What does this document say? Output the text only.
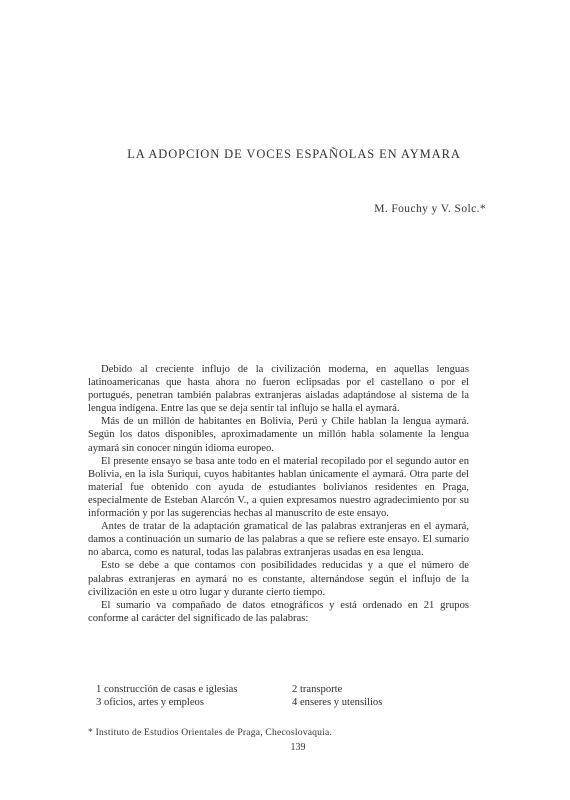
LA ADOPCION DE VOCES ESPAÑOLAS EN AYMARA
M. Fouchy y V. Solc.*

Debido al creciente influjo de la civilización moderna, en aquellas lenguas latinoamericanas que hasta ahora no fueron eclipsadas por el castellano o por el portugués, penetran también palabras extranjeras aisladas adaptándose al sistema de la lengua indígena. Entre las que se deja sentir tal influjo se halla el aymará.

Más de un millón de habitantes en Bolivia, Perú y Chile hablan la lengua aymará. Según los datos disponibles, aproximadamente un millón habla solamente la lengua aymará sin conocer ningún idioma europeo.

El presente ensayo se basa ante todo en el material recopilado por el segundo autor en Bolivia, en la isla Suriqui, cuyos habitantes hablan únicamente el aymará. Otra parte del material fue obtenido con ayuda de estudiantes bolivianos residentes en Praga, especialmente de Esteban Alarcón V., a quien expresamos nuestro agradecimiento por su información y por las sugerencias hechas al manuscrito de este ensayo.

Antes de tratar de la adaptación gramatical de las palabras extranjeras en el aymará, damos a continuación un sumario de las palabras a que se refiere este ensayo. El sumario no abarca, como es natural, todas las palabras extranjeras usadas en esa lengua.

Esto se debe a que contamos con posibilidades reducidas y a que el número de palabras extranjeras en aymará no es constante, alternándose según el influjo de la civilización en este u otro lugar y durante cierto tiempo.

El sumario va compañado de datos etnográficos y está ordenado en 21 grupos conforme al carácter del significado de las palabras:

1 construcción de casas e iglesias	2 transporte
3 oficios, artes y empleos	4 enseres y utensilios
* Instituto de Estudios Orientales de Praga, Checoslovaquia.
139
